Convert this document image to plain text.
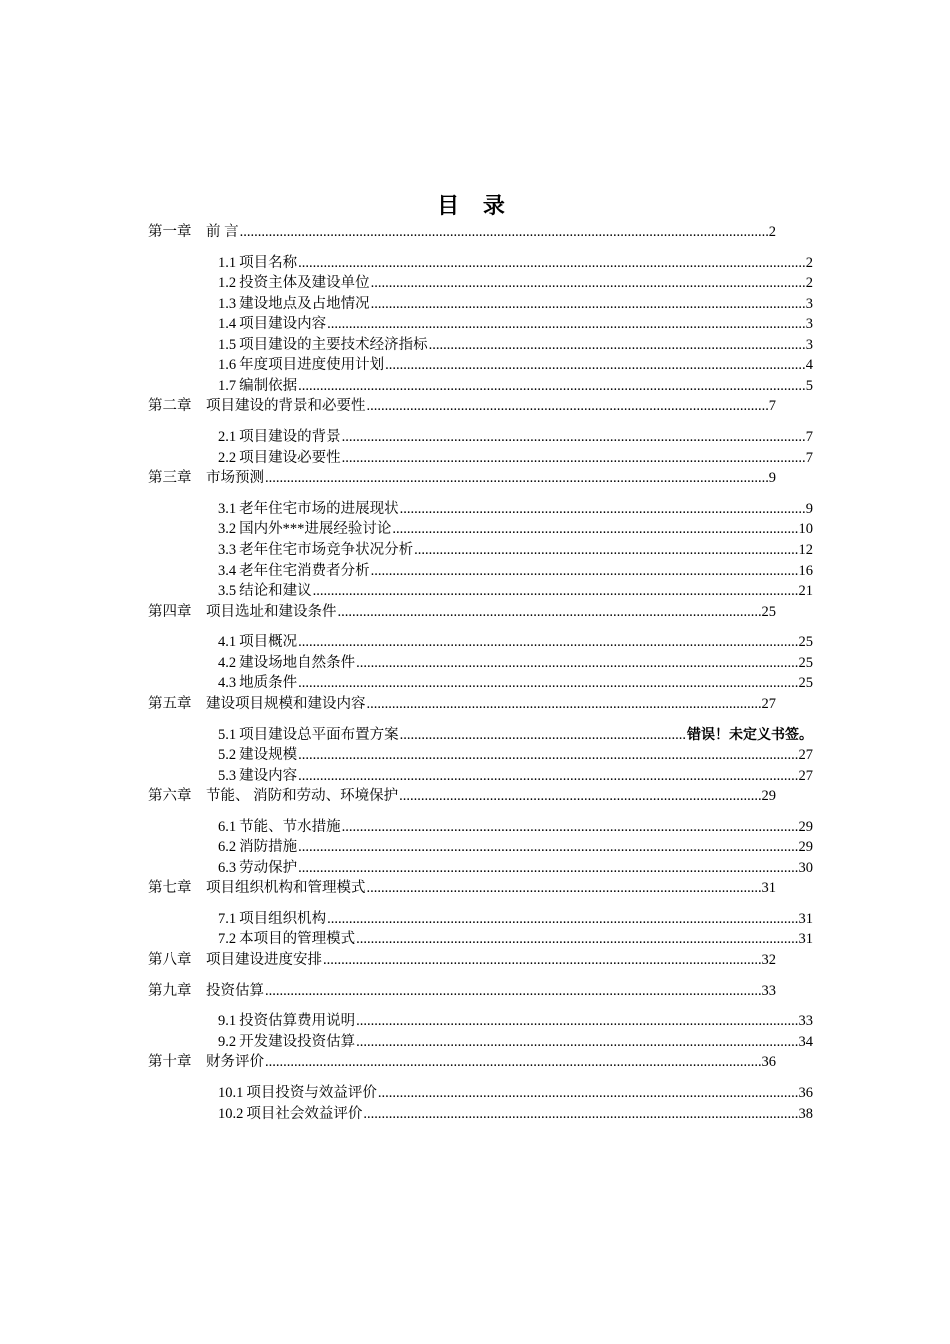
目 录
第一章 前 言 .....	2
1.1 项目名称 .....	2
1.2 投资主体及建设单位 .....	2
1.3 建设地点及占地情况 .....	3
1.4 项目建设内容 .....	3
1.5 项目建设的主要技术经济指标 .....	3
1.6 年度项目进度使用计划 .....	4
1.7 编制依据 .....	5
第二章 项目建设的背景和必要性 .....	7
2.1 项目建设的背景 .....	7
2.2 项目建设必要性 .....	7
第三章 市场预测 .....	9
3.1 老年住宅市场的进展现状 .....	9
3.2 国内外***进展经验讨论 .....	10
3.3 老年住宅市场竞争状况分析 .....	12
3.4 老年住宅消费者分析 .....	16
3.5 结论和建议 .....	21
第四章 项目选址和建设条件 .....	25
4.1 项目概况 .....	25
4.2 建设场地自然条件 .....	25
4.3 地质条件 .....	25
第五章 建设项目规模和建设内容 .....	27
5.1 项目建设总平面布置方案 .....	错误！未定义书签。
5.2 建设规模 .....	27
5.3 建设内容 .....	27
第六章 节能、 消防和劳动、环境保护 .....	29
6.1 节能、节水措施 .....	29
6.2 消防措施 .....	29
6.3 劳动保护 .....	30
第七章 项目组织机构和管理模式 .....	31
7.1 项目组织机构 .....	31
7.2 本项目的管理模式 .....	31
第八章 项目建设进度安排 .....	32
第九章 投资估算 .....	33
9.1 投资估算费用说明 .....	33
9.2 开发建设投资估算 .....	34
第十章 财务评价 .....	36
10.1 项目投资与效益评价 .....	36
10.2 项目社会效益评价 .....	38
